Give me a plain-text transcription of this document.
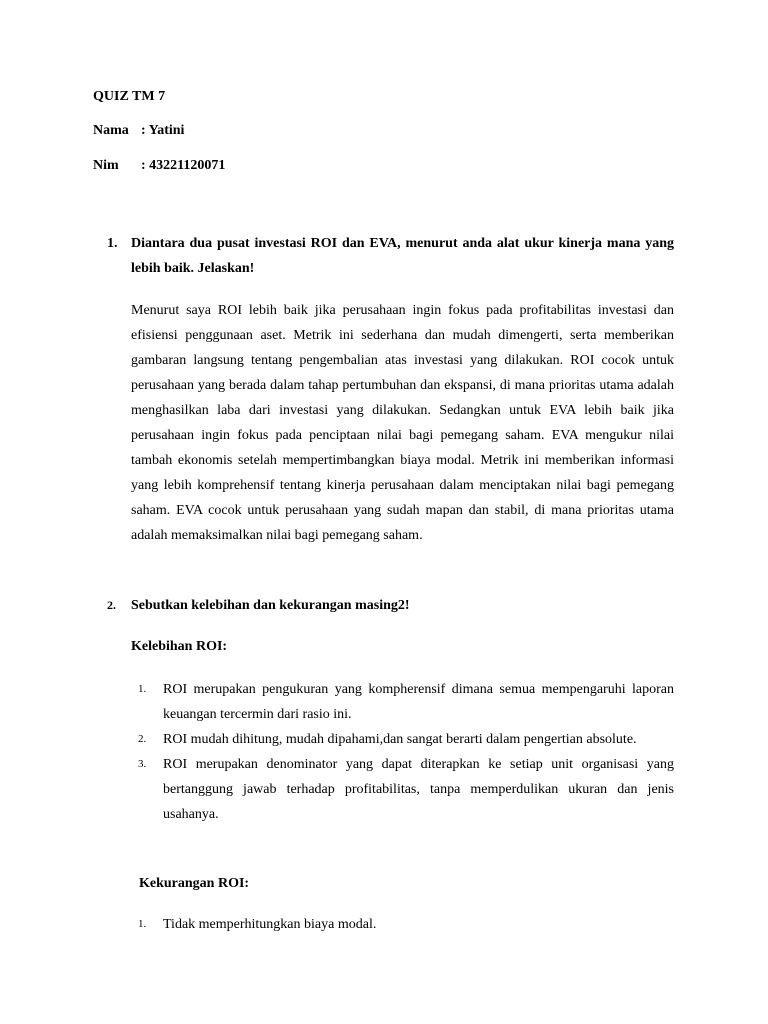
QUIZ TM 7
Nama : Yatini
Nim : 43221120071
1. Diantara dua pusat investasi ROI dan EVA, menurut anda alat ukur kinerja mana yang lebih baik. Jelaskan!
Menurut saya ROI lebih baik jika perusahaan ingin fokus pada profitabilitas investasi dan efisiensi penggunaan aset. Metrik ini sederhana dan mudah dimengerti, serta memberikan gambaran langsung tentang pengembalian atas investasi yang dilakukan. ROI cocok untuk perusahaan yang berada dalam tahap pertumbuhan dan ekspansi, di mana prioritas utama adalah menghasilkan laba dari investasi yang dilakukan. Sedangkan untuk EVA lebih baik jika perusahaan ingin fokus pada penciptaan nilai bagi pemegang saham. EVA mengukur nilai tambah ekonomis setelah mempertimbangkan biaya modal. Metrik ini memberikan informasi yang lebih komprehensif tentang kinerja perusahaan dalam menciptakan nilai bagi pemegang saham. EVA cocok untuk perusahaan yang sudah mapan dan stabil, di mana prioritas utama adalah memaksimalkan nilai bagi pemegang saham.
2. Sebutkan kelebihan dan kekurangan masing2!
Kelebihan ROI:
1. ROI merupakan pengukuran yang kompherensif dimana semua mempengaruhi laporan keuangan tercermin dari rasio ini.
2. ROI mudah dihitung, mudah dipahami,dan sangat berarti dalam pengertian absolute.
3. ROI merupakan denominator yang dapat diterapkan ke setiap unit organisasi yang bertanggung jawab terhadap profitabilitas, tanpa memperdulikan ukuran dan jenis usahanya.
Kekurangan ROI:
1. Tidak memperhitungkan biaya modal.
